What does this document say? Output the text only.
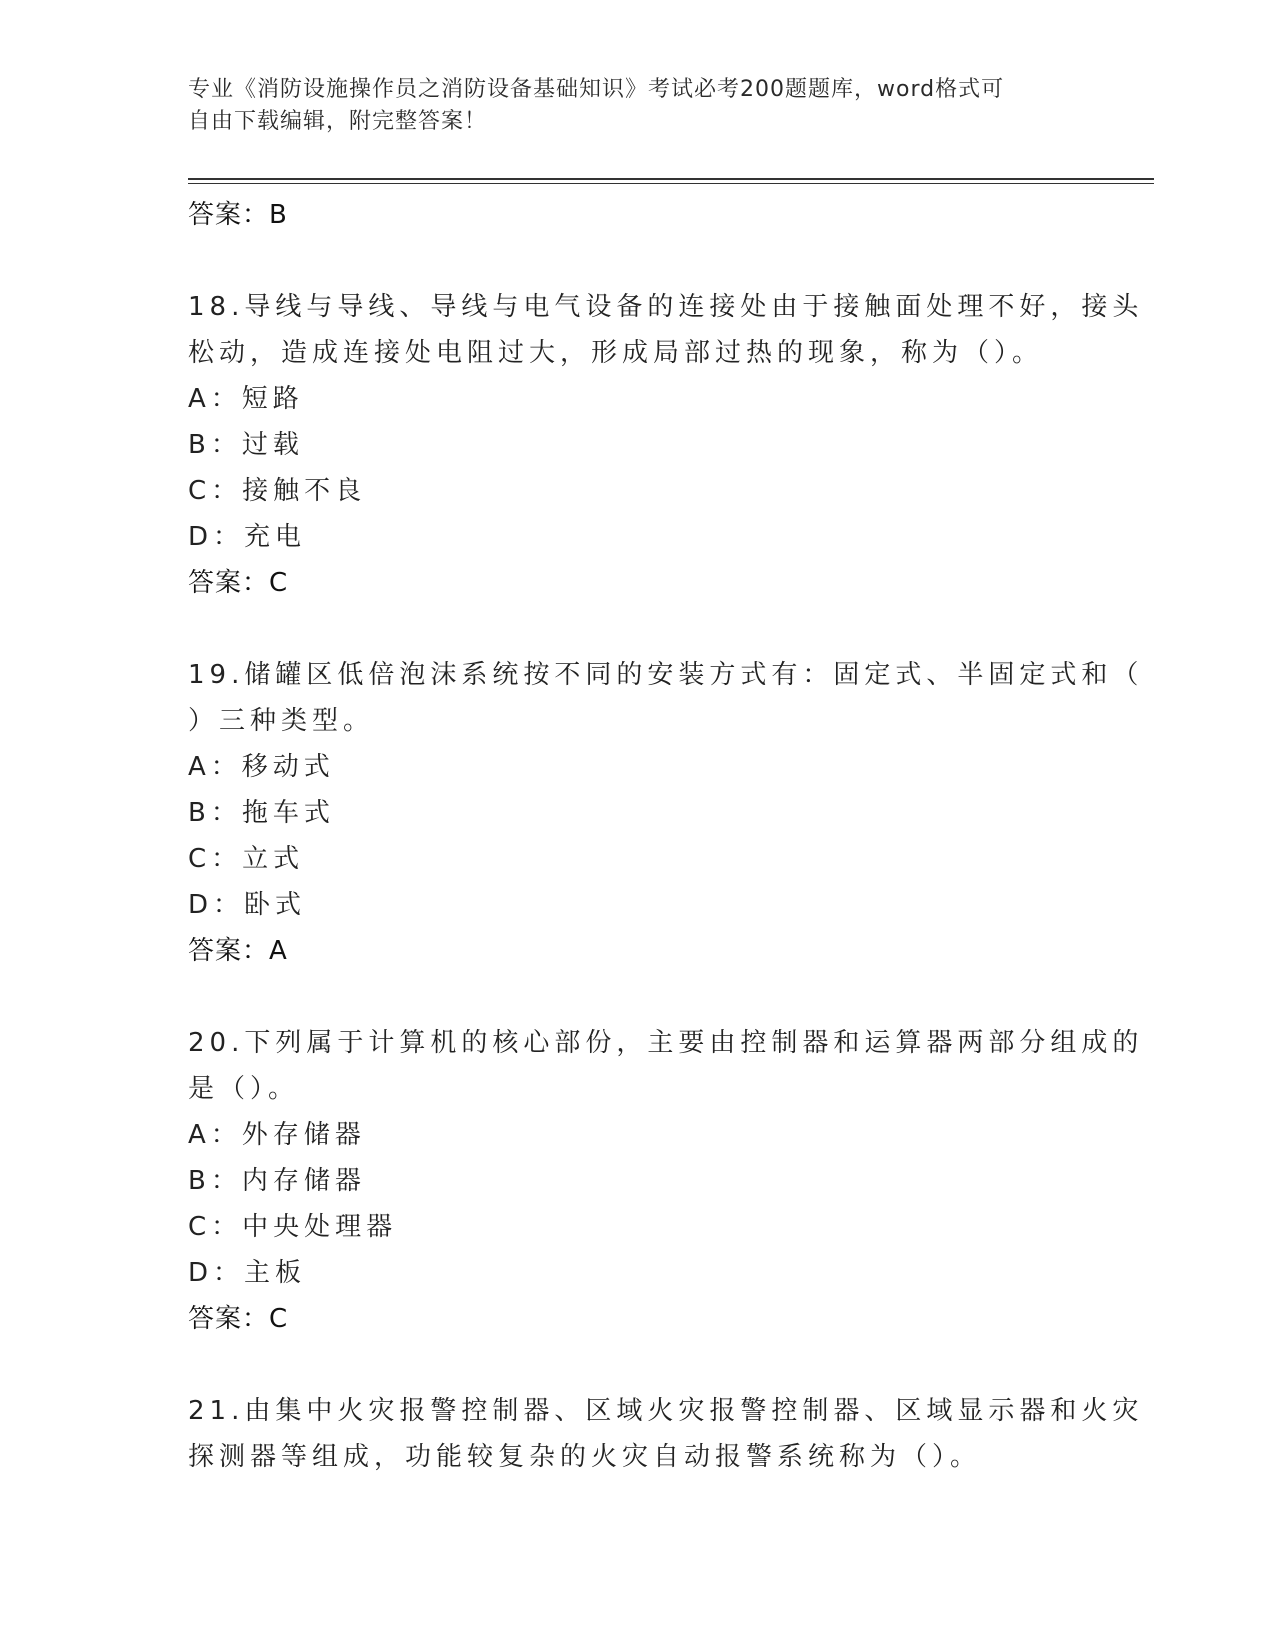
专业《消防设施操作员之消防设备基础知识》考试必考200题题库，word格式可
自由下载编辑，附完整答案！
答案：B
18.导线与导线、导线与电气设备的连接处由于接触面处理不好，接头
松动，造成连接处电阻过大，形成局部过热的现象，称为（）。
A：短路
B：过载
C：接触不良
D：充电
答案：C
19.储罐区低倍泡沫系统按不同的安装方式有：固定式、半固定式和（
）三种类型。
A：移动式
B：拖车式
C：立式
D：卧式
答案：A
20.下列属于计算机的核心部份，主要由控制器和运算器两部分组成的
是（）。
A：外存储器
B：内存储器
C：中央处理器
D：主板
答案：C
21.由集中火灾报警控制器、区域火灾报警控制器、区域显示器和火灾
探测器等组成，功能较复杂的火灾自动报警系统称为（）。
